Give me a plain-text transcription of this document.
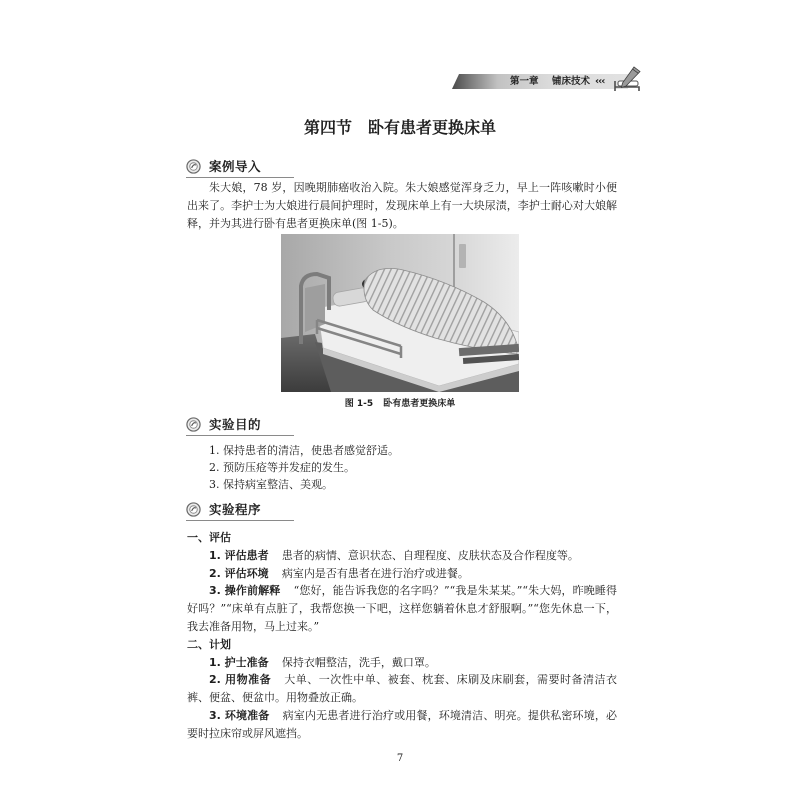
第一章 铺床技术 ‹‹‹
第四节 卧有患者更换床单
案例导入

朱大娘，78 岁，因晚期肺癌收治入院。朱大娘感觉浑身乏力，早上一阵咳嗽时小便出来了。李护士为大娘进行晨间护理时，发现床单上有一大块尿渍，李护士耐心对大娘解释，并为其进行卧有患者更换床单(图 1-5)。

图 1-5 卧有患者更换床单
实验目的

1. 保持患者的清洁，使患者感觉舒适。

2. 预防压疮等并发症的发生。

3. 保持病室整洁、美观。

实验程序
一、评估

1. 评估患者 患者的病情、意识状态、自理程度、皮肤状态及合作程度等。

2. 评估环境 病室内是否有患者在进行治疗或进餐。

3. 操作前解释 “您好，能告诉我您的名字吗？”“我是朱某某。”“朱大妈，昨晚睡得好吗？”“床单有点脏了，我帮您换一下吧，这样您躺着休息才舒服啊。”“您先休息一下，我去准备用物，马上过来。”

二、计划

1. 护士准备 保持衣帽整洁，洗手，戴口罩。

2. 用物准备 大单、一次性中单、被套、枕套、床刷及床刷套，需要时备清洁衣裤、便盆、便盆巾。用物叠放正确。

3. 环境准备 病室内无患者进行治疗或用餐，环境清洁、明亮。提供私密环境，必要时拉床帘或屏风遮挡。

7
